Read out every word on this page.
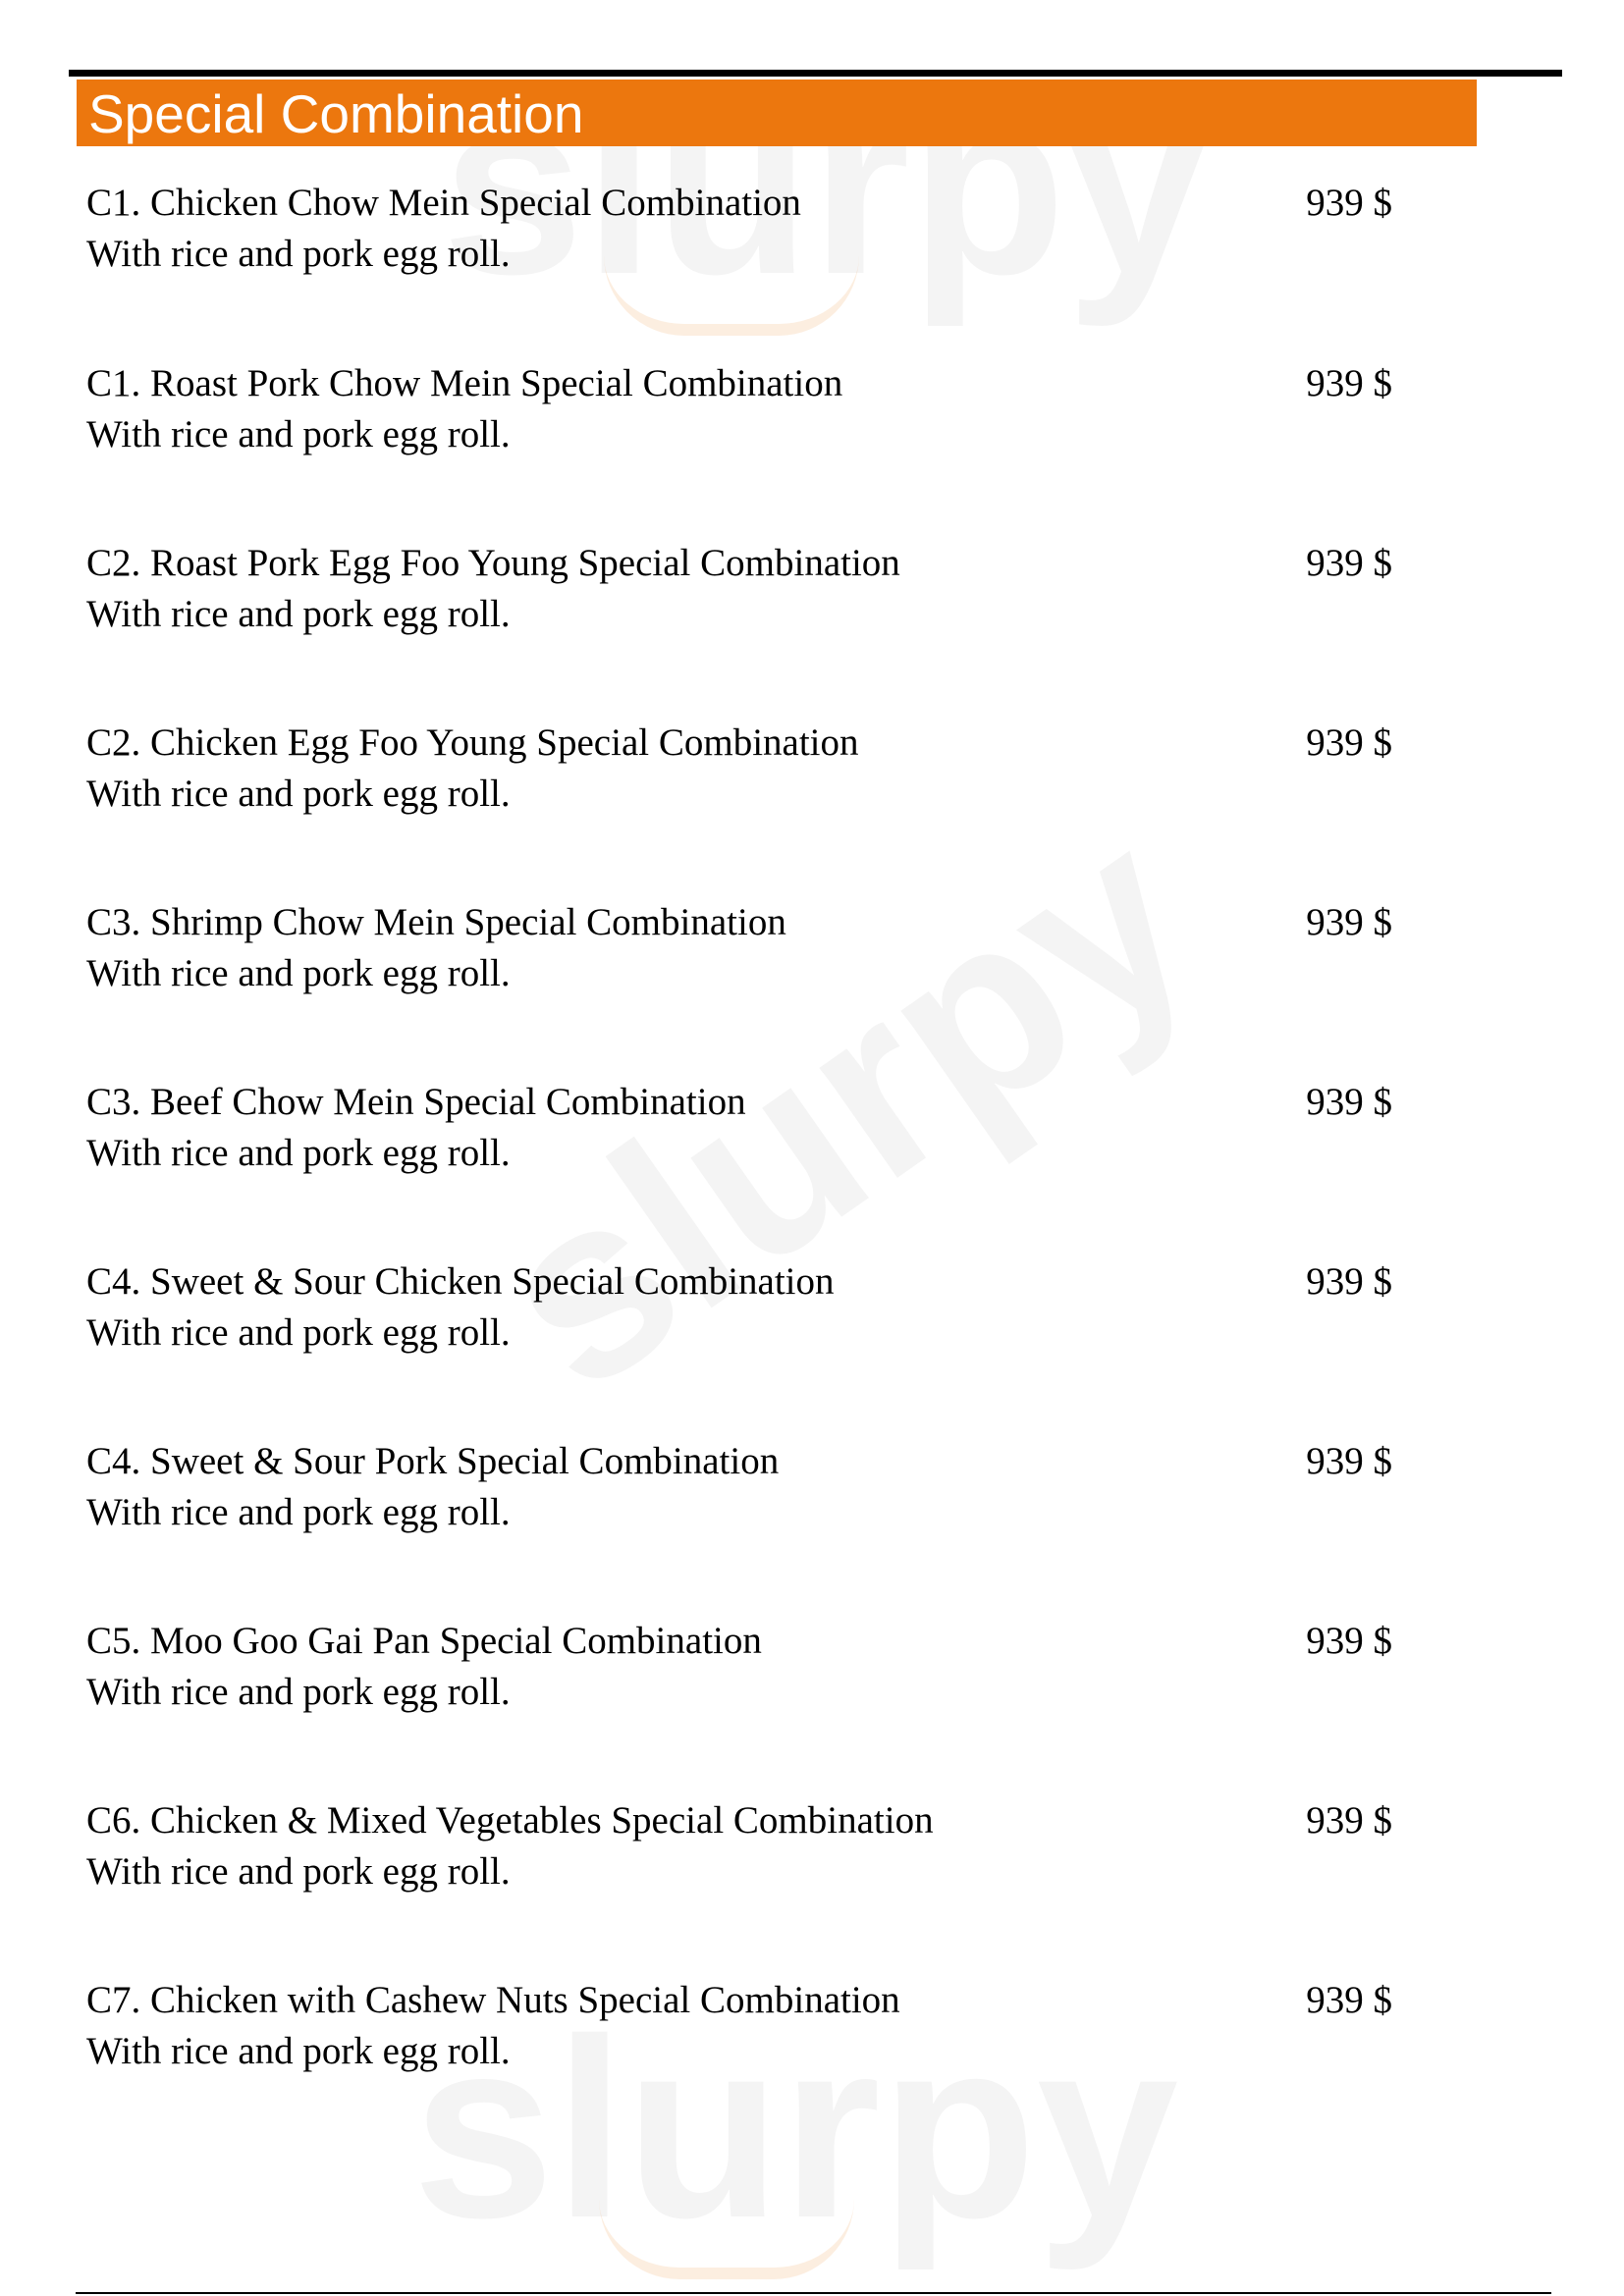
Special Combination
C1. Chicken Chow Mein Special Combination
With rice and pork egg roll.
939 $
C1. Roast Pork Chow Mein Special Combination
With rice and pork egg roll.
939 $
C2. Roast Pork Egg Foo Young Special Combination
With rice and pork egg roll.
939 $
C2. Chicken Egg Foo Young Special Combination
With rice and pork egg roll.
939 $
C3. Shrimp Chow Mein Special Combination
With rice and pork egg roll.
939 $
C3. Beef Chow Mein Special Combination
With rice and pork egg roll.
939 $
C4. Sweet & Sour Chicken Special Combination
With rice and pork egg roll.
939 $
C4. Sweet & Sour Pork Special Combination
With rice and pork egg roll.
939 $
C5. Moo Goo Gai Pan Special Combination
With rice and pork egg roll.
939 $
C6. Chicken & Mixed Vegetables Special Combination
With rice and pork egg roll.
939 $
C7. Chicken with Cashew Nuts Special Combination
With rice and pork egg roll.
939 $
